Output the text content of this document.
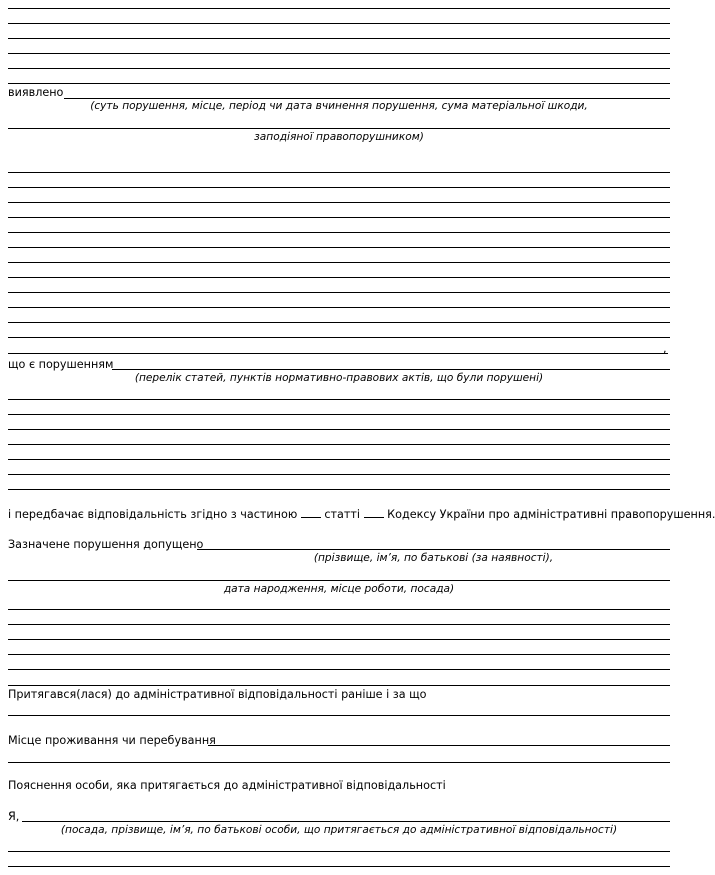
виявлено
(суть порушення, місце, період чи дата вчинення порушення, сума матеріальної шкоди,
заподіяної правопорушником)
,
що є порушенням
(перелік статей, пунктів нормативно-правових актів, що були порушені)
і передбачає відповідальність згідно з частиною статті Кодексу України про адміністративні правопорушення.
Зазначене порушення допущено
(прізвище, ім’я, по батькові (за наявності),
дата народження, місце роботи, посада)
Притягався(лася) до адміністративної відповідальності раніше і за що
Місце проживання чи перебування
Пояснення особи, яка притягається до адміністративної відповідальності
Я,
(посада, прізвище, ім’я, по батькові особи, що притягається до адміністративної відповідальності)
